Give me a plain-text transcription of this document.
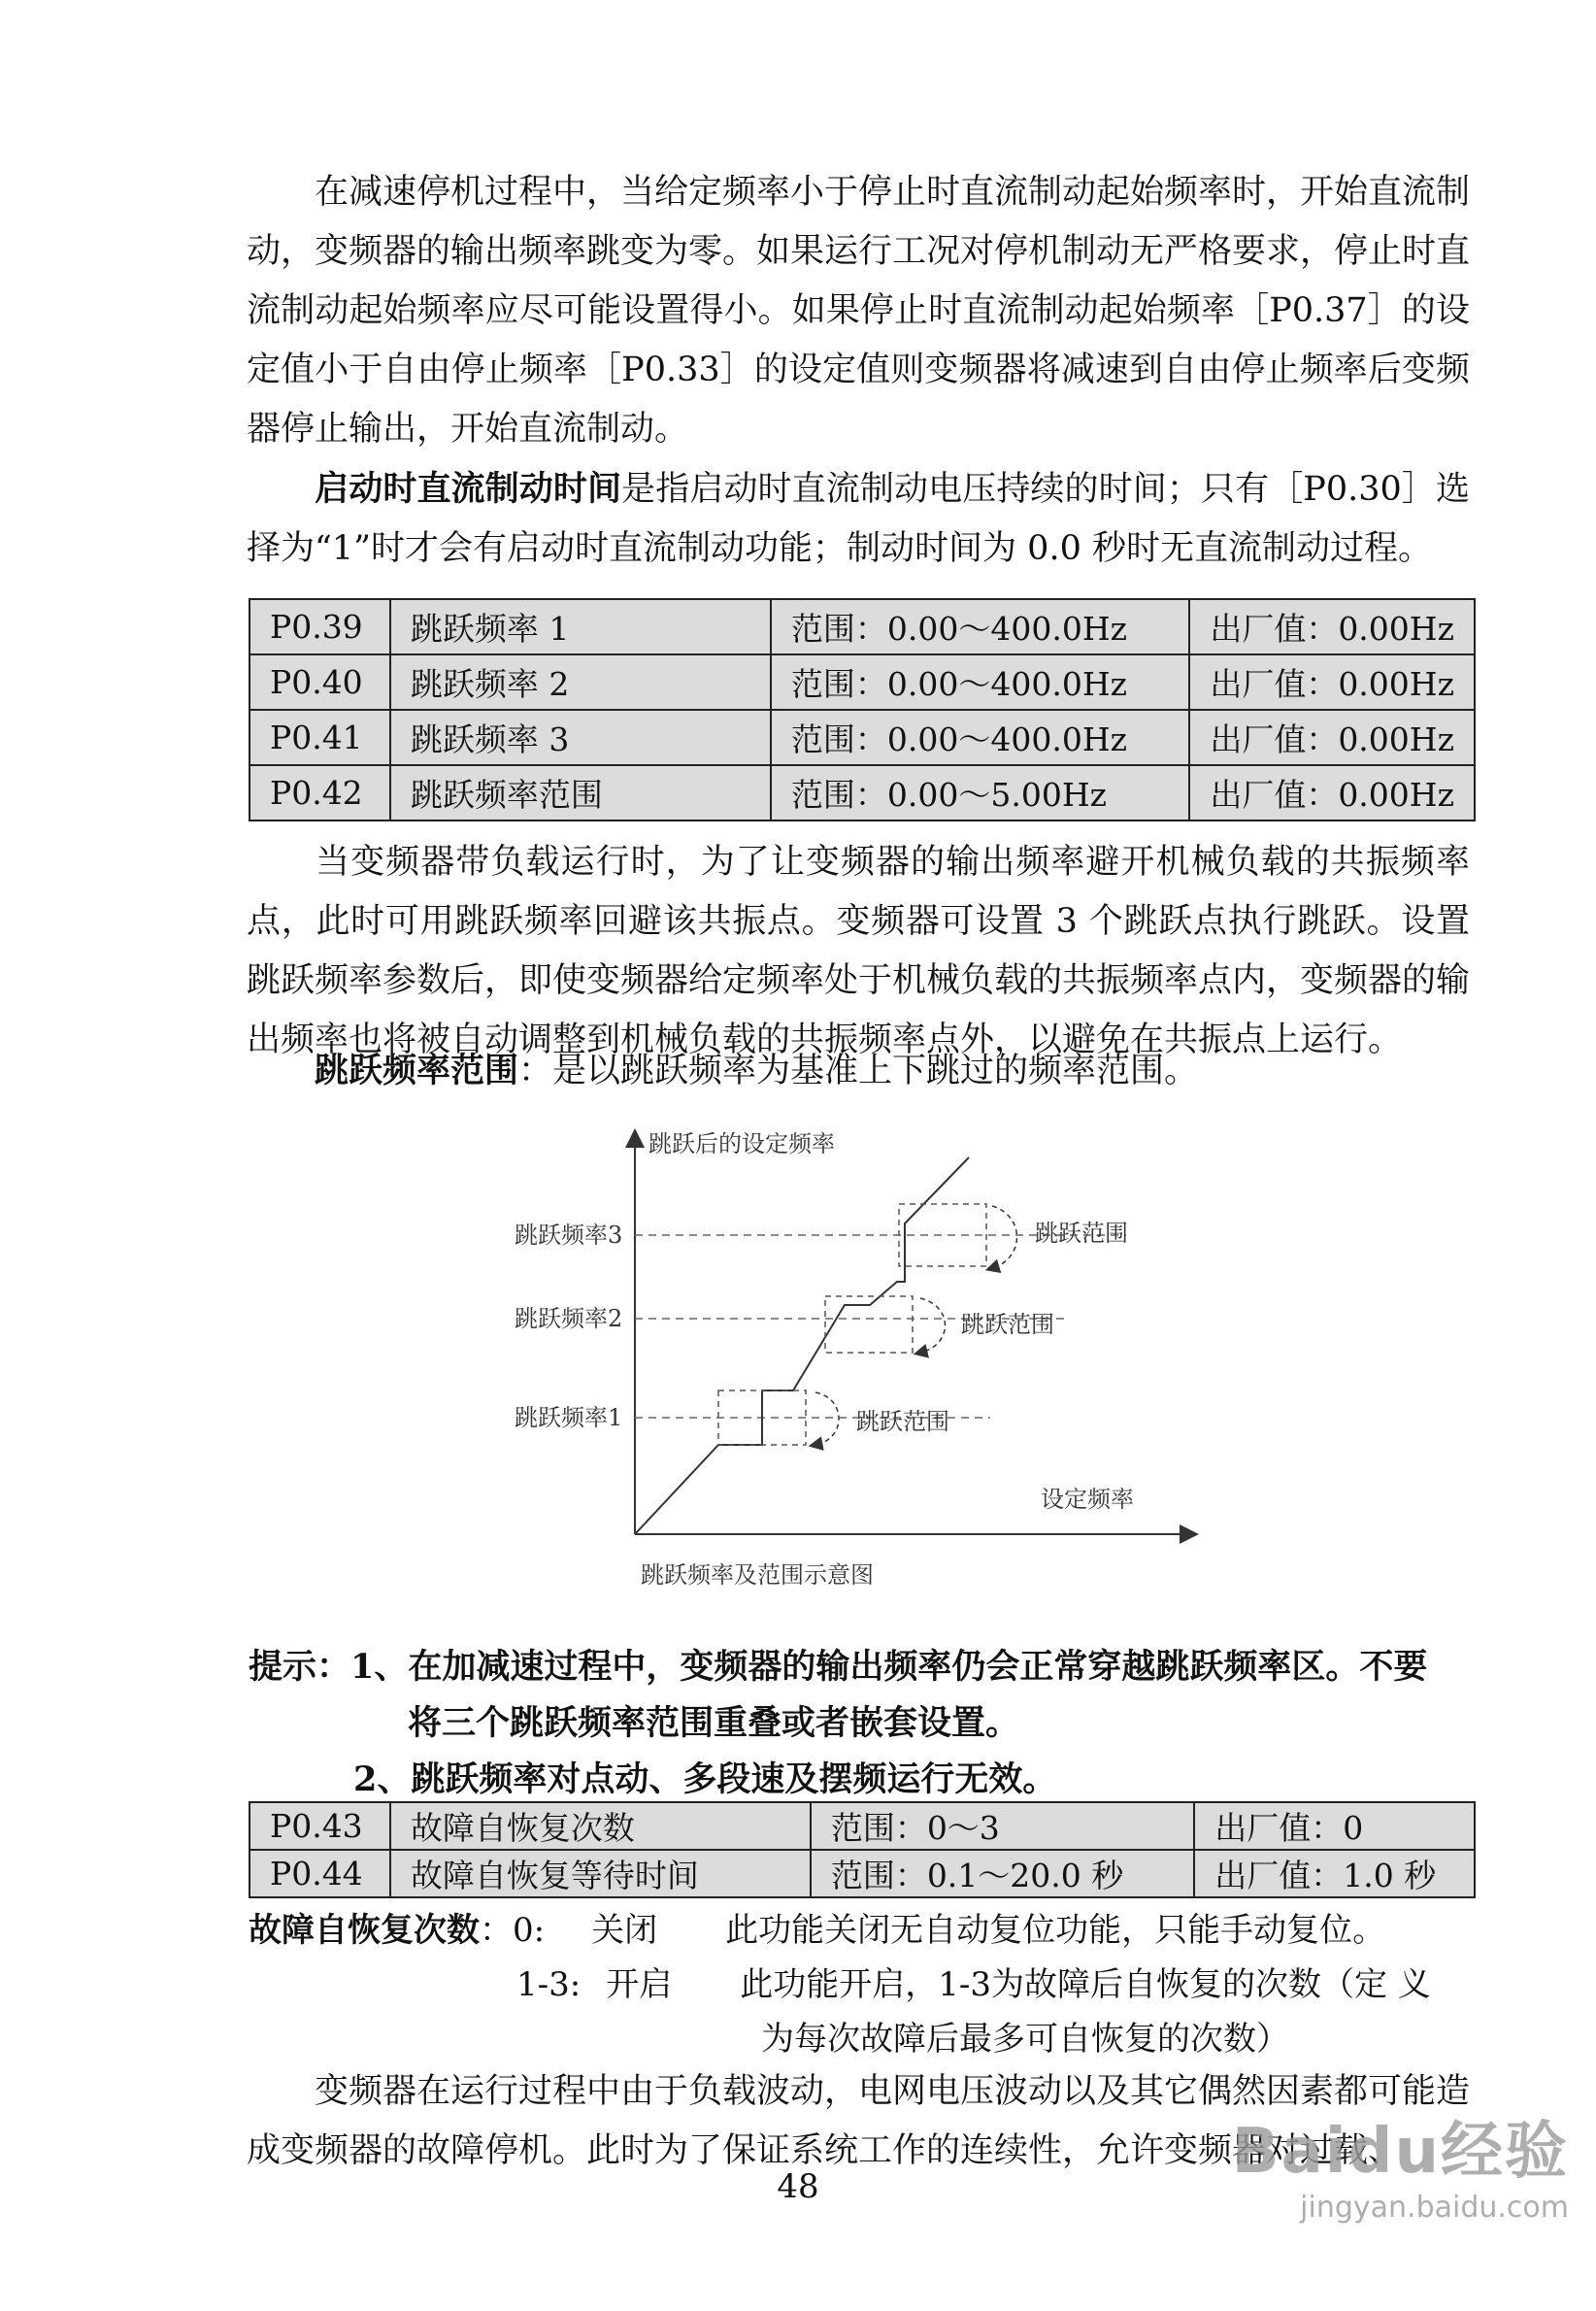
在减速停机过程中，当给定频率小于停止时直流制动起始频率时，开始直流制动，变频器的输出频率跳变为零。如果运行工况对停机制动无严格要求，停止时直流制动起始频率应尽可能设置得小。如果停止时直流制动起始频率［P0.37］的设定值小于自由停止频率［P0.33］的设定值则变频器将减速到自由停止频率后变频器停止输出，开始直流制动。

启动时直流制动时间是指启动时直流制动电压持续的时间；只有［P0.30］选择为“1”时才会有启动时直流制动功能；制动时间为 0.0 秒时无直流制动过程。

P0.39	跳跃频率 1	范围：0.00～400.0Hz	出厂值：0.00Hz
P0.40	跳跃频率 2	范围：0.00～400.0Hz	出厂值：0.00Hz
P0.41	跳跃频率 3	范围：0.00～400.0Hz	出厂值：0.00Hz
P0.42	跳跃频率范围	范围：0.00～5.00Hz	出厂值：0.00Hz

当变频器带负载运行时，为了让变频器的输出频率避开机械负载的共振频率点，此时可用跳跃频率回避该共振点。变频器可设置 3 个跳跃点执行跳跃。设置跳跃频率参数后，即使变频器给定频率处于机械负载的共振频率点内，变频器的输出频率也将被自动调整到机械负载的共振频率点外，以避免在共振点上运行。

跳跃频率范围：是以跳跃频率为基准上下跳过的频率范围。

跳跃后的设定频率
设定频率
跳跃频率3
跳跃频率2
跳跃频率1	跳跃范围
跳跃范围
跳跃范围
跳跃频率及范围示意图
提示：1、在加减速过程中，变频器的输出频率仍会正常穿越跳跃频率区。不要
将三个跳跃频率范围重叠或者嵌套设置。
2、跳跃频率对点动、多段速及摆频运行无效。
P0.43	故障自恢复次数	范围：0～3	出厂值：0
P0.44	故障自恢复等待时间	范围：0.1～20.0 秒	出厂值：1.0 秒
故障自恢复次数：0: 关闭 此功能关闭无自动复位功能，只能手动复位。
1-3: 开启 此功能开启，1-3为故障后自恢复的次数（定 义
为每次故障后最多可自恢复的次数）

变频器在运行过程中由于负载波动，电网电压波动以及其它偶然因素都可能造成变频器的故障停机。此时为了保证系统工作的连续性，允许变频器对过载、

48	Baidu经验
jingyan.baidu.com
